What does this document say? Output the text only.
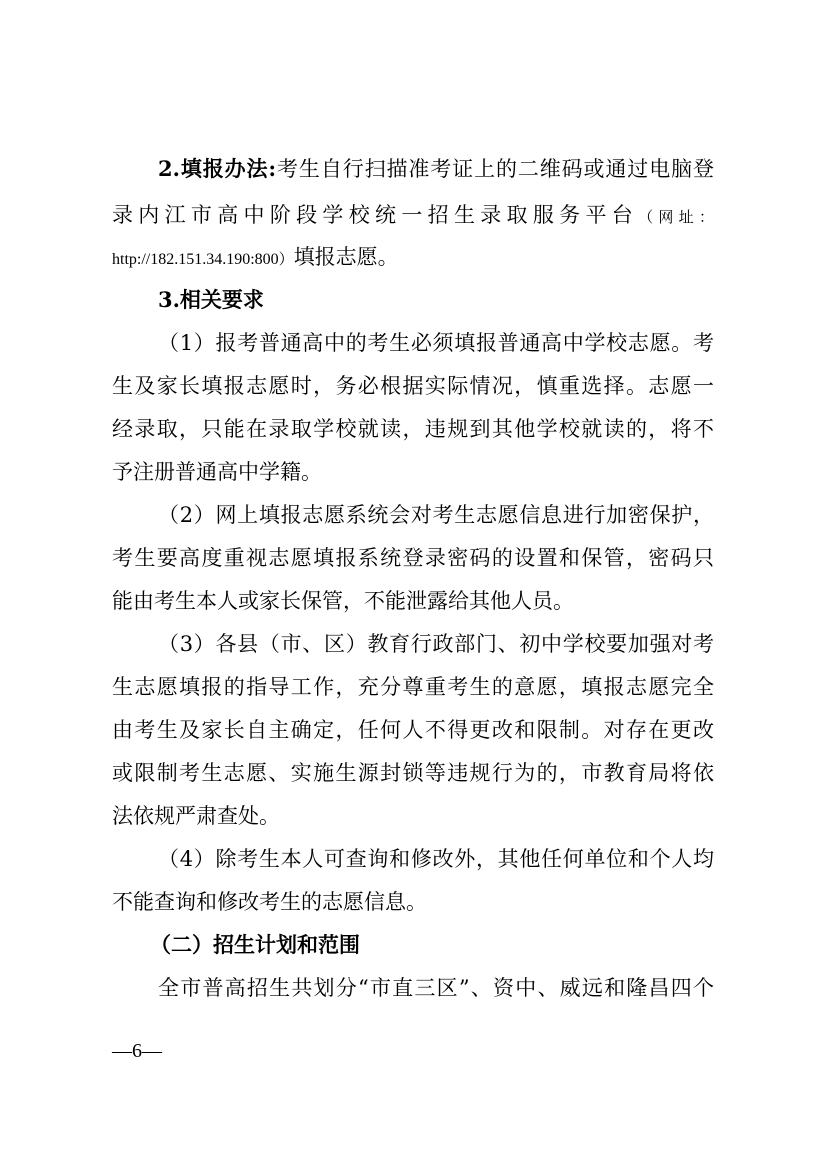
2.填报办法:考生自行扫描准考证上的二维码或通过电脑登
录内江市高中阶段学校统一招生录取服务平台（网址：
http://182.151.34.190:800）填报志愿。
3.相关要求
（1）报考普通高中的考生必须填报普通高中学校志愿。考
生及家长填报志愿时，务必根据实际情况，慎重选择。志愿一
经录取，只能在录取学校就读，违规到其他学校就读的，将不
予注册普通高中学籍。
（2）网上填报志愿系统会对考生志愿信息进行加密保护，
考生要高度重视志愿填报系统登录密码的设置和保管，密码只
能由考生本人或家长保管，不能泄露给其他人员。
（3）各县（市、区）教育行政部门、初中学校要加强对考
生志愿填报的指导工作，充分尊重考生的意愿，填报志愿完全
由考生及家长自主确定，任何人不得更改和限制。对存在更改
或限制考生志愿、实施生源封锁等违规行为的，市教育局将依
法依规严肃查处。
（4）除考生本人可查询和修改外，其他任何单位和个人均
不能查询和修改考生的志愿信息。
（二）招生计划和范围
全市普高招生共划分“市直三区”、资中、威远和隆昌四个
—6—
